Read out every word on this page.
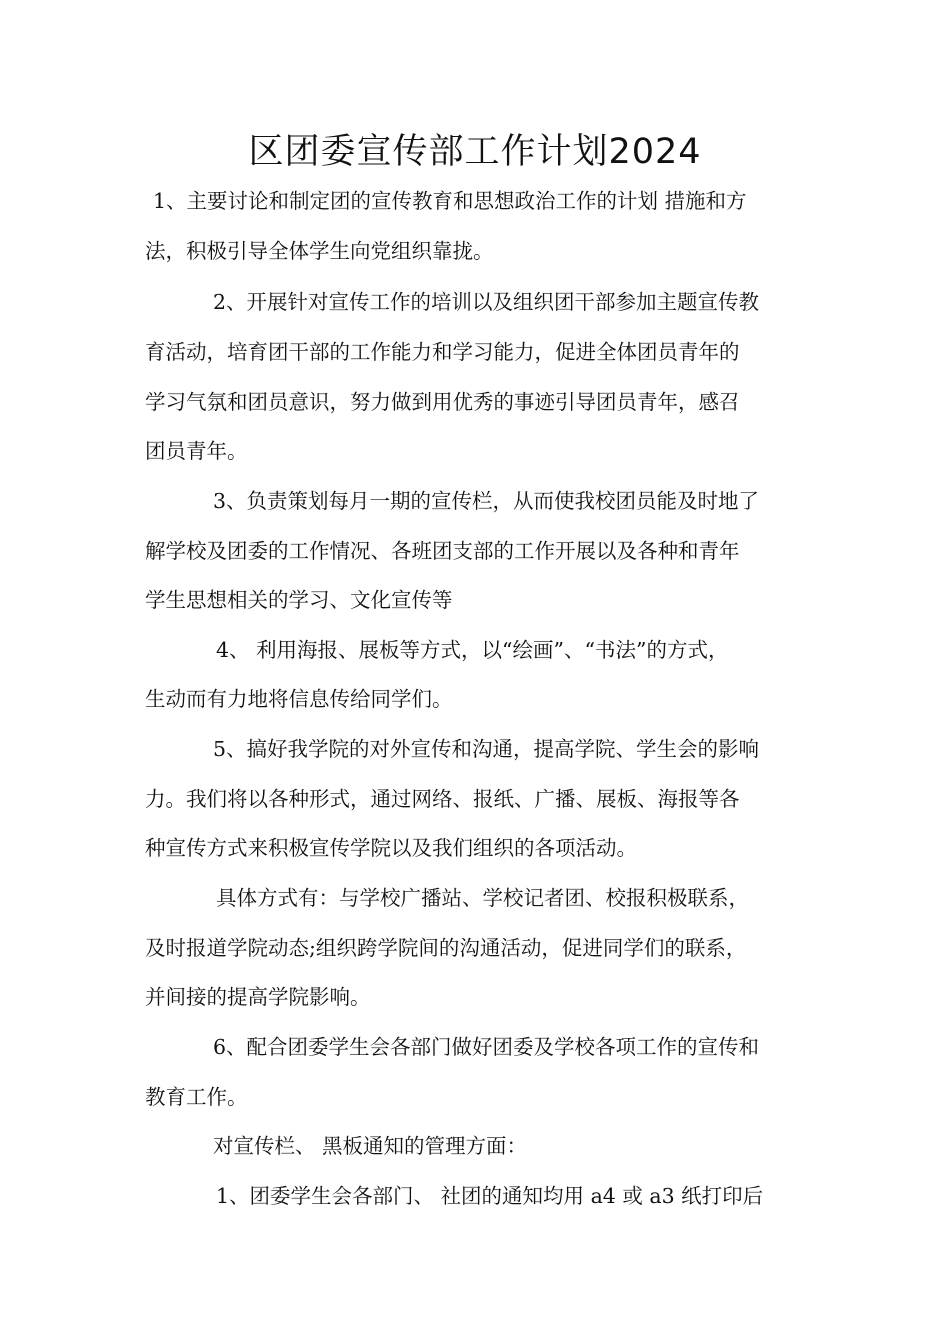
区团委宣传部工作计划2024

1、主要讨论和制定团的宣传教育和思想政治工作的计划 措施和方

法，积极引导全体学生向党组织靠拢。

2、开展针对宣传工作的培训以及组织团干部参加主题宣传教

育活动，培育团干部的工作能力和学习能力，促进全体团员青年的

学习气氛和团员意识，努力做到用优秀的事迹引导团员青年，感召

团员青年。

3、负责策划每月一期的宣传栏，从而使我校团员能及时地了

解学校及团委的工作情况、各班团支部的工作开展以及各种和青年

学生思想相关的学习、文化宣传等

4、 利用海报、展板等方式，以“绘画”、“书法”的方式，

生动而有力地将信息传给同学们。

5、搞好我学院的对外宣传和沟通，提高学院、学生会的影响

力。我们将以各种形式，通过网络、报纸、广播、展板、海报等各

种宣传方式来积极宣传学院以及我们组织的各项活动。

具体方式有：与学校广播站、学校记者团、校报积极联系，

及时报道学院动态;组织跨学院间的沟通活动，促进同学们的联系，

并间接的提高学院影响。

6、配合团委学生会各部门做好团委及学校各项工作的宣传和

教育工作。

对宣传栏、 黑板通知的管理方面：

1、团委学生会各部门、 社团的通知均用 a4 或 a3 纸打印后
